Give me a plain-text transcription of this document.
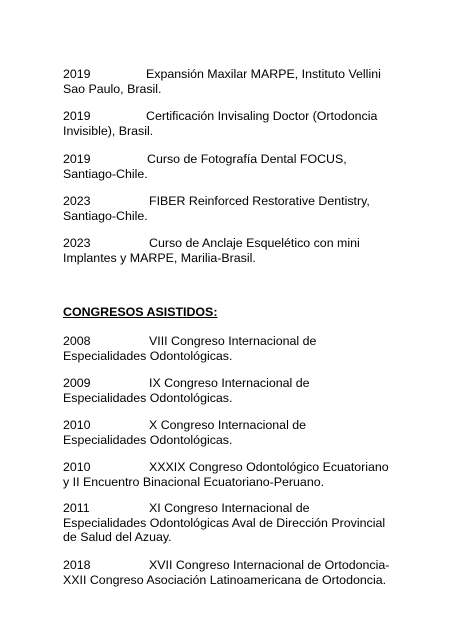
2019	Expansión Maxilar MARPE, Instituto Vellini
Sao Paulo, Brasil.
2019	Certificación Invisaling Doctor (Ortodoncia
Invisible), Brasil.
2019	Curso de Fotografía Dental FOCUS,
Santiago-Chile.
2023	FIBER Reinforced Restorative Dentistry,
Santiago-Chile.
2023	Curso de Anclaje Esquelético con mini
Implantes y MARPE, Marilia-Brasil.
CONGRESOS ASISTIDOS:
2008	VIII Congreso Internacional de
Especialidades Odontológicas.
2009	IX Congreso Internacional de
Especialidades Odontológicas.
2010	X Congreso Internacional de
Especialidades Odontológicas.
2010	XXXIX Congreso Odontológico Ecuatoriano
y II Encuentro Binacional Ecuatoriano-Peruano.
2011	XI Congreso Internacional de
Especialidades Odontológicas Aval de Dirección Provincial
de Salud del Azuay.
2018	XVII Congreso Internacional de Ortodoncia-
XXII Congreso Asociación Latinoamericana de Ortodoncia.
